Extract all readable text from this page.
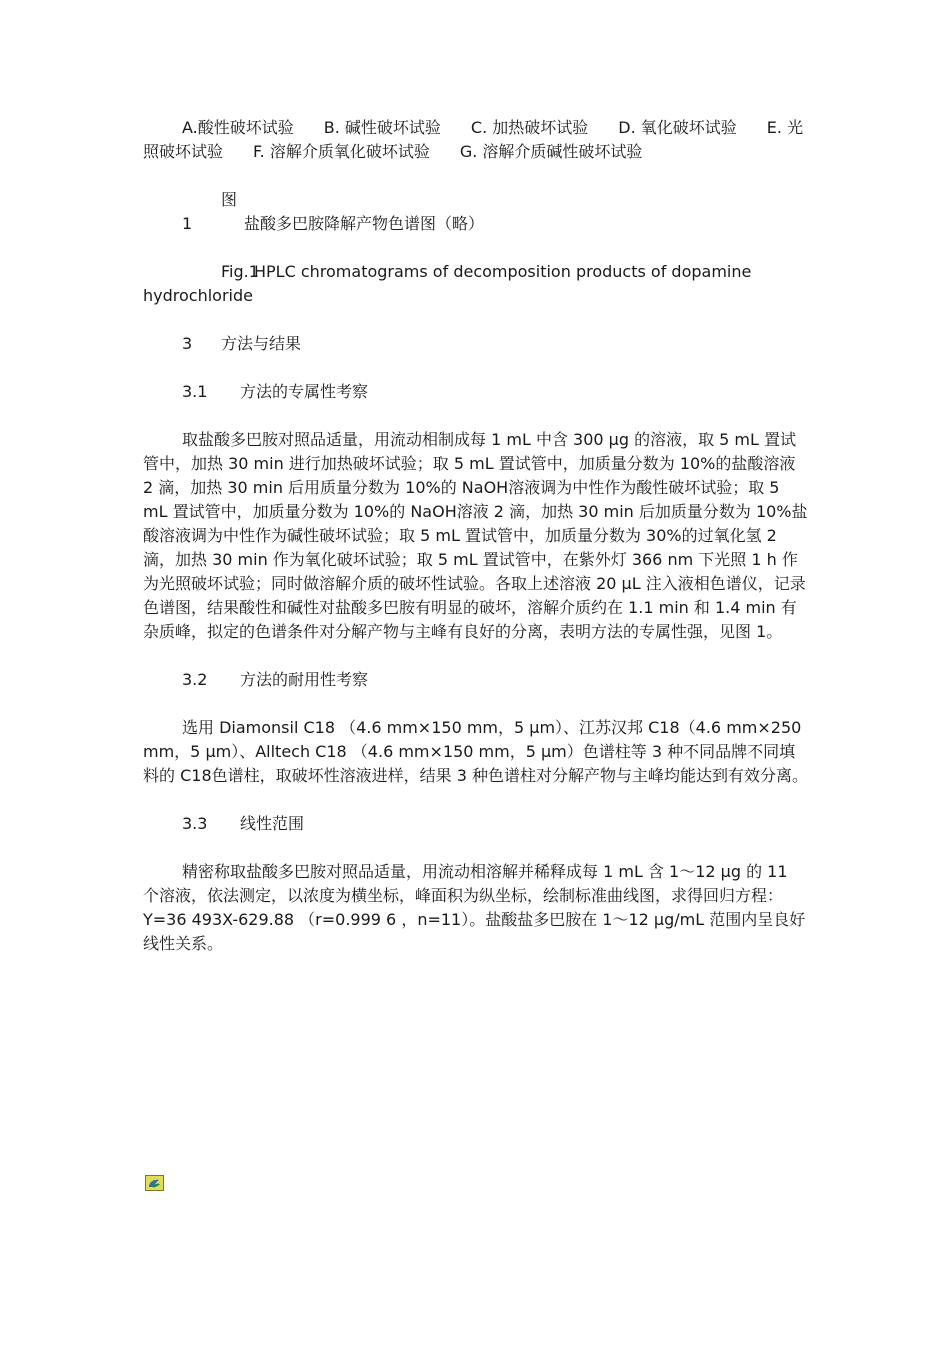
A.酸性破坏试验 B. 碱性破坏试验 C. 加热破坏试验 D. 氧化破坏试验 E. 光照破坏试验 F. 溶解介质氧化破坏试验 G. 溶解介质碱性破坏试验

图 1	盐酸多巴胺降解产物色谱图（略）

Fig.1HPLC chromatograms of decomposition products of dopamine hydrochloride

3 方法与结果

3.1 方法的专属性考察

取盐酸多巴胺对照品适量，用流动相制成每 1 mL 中含 300 μg 的溶液，取 5 mL 置试管中，加热 30 min 进行加热破坏试验；取 5 mL 置试管中，加质量分数为 10%的盐酸溶液 2 滴，加热 30 min 后用质量分数为 10%的 NaOH溶液调为中性作为酸性破坏试验；取 5 mL 置试管中，加质量分数为 10%的 NaOH溶液 2 滴，加热 30 min 后加质量分数为 10%盐酸溶液调为中性作为碱性破坏试验；取 5 mL 置试管中，加质量分数为 30%的过氧化氢 2 滴，加热 30 min 作为氧化破坏试验；取 5 mL 置试管中，在紫外灯 366 nm 下光照 1 h 作为光照破坏试验；同时做溶解介质的破坏性试验。各取上述溶液 20 μL 注入液相色谱仪，记录色谱图，结果酸性和碱性对盐酸多巴胺有明显的破坏，溶解介质约在 1.1 min 和 1.4 min 有杂质峰，拟定的色谱条件对分解产物与主峰有良好的分离，表明方法的专属性强，见图 1。

3.2 方法的耐用性考察

选用 Diamonsil C18 （4.6 mm×150 mm，5 μm）、江苏汉邦 C18（4.6 mm×250 mm，5 μm）、Alltech C18 （4.6 mm×150 mm，5 μm）色谱柱等 3 种不同品牌不同填料的 C18色谱柱，取破坏性溶液进样，结果 3 种色谱柱对分解产物与主峰均能达到有效分离。

3.3 线性范围

精密称取盐酸多巴胺对照品适量，用流动相溶解并稀释成每 1 mL 含 1～12 μg 的 11 个溶液，依法测定，以浓度为横坐标，峰面积为纵坐标，绘制标准曲线图，求得回归方程： Y=36 493X-629.88 （r=0.999 6 ，n=11）。盐酸盐多巴胺在 1～12 μg/mL 范围内呈良好线性关系。
